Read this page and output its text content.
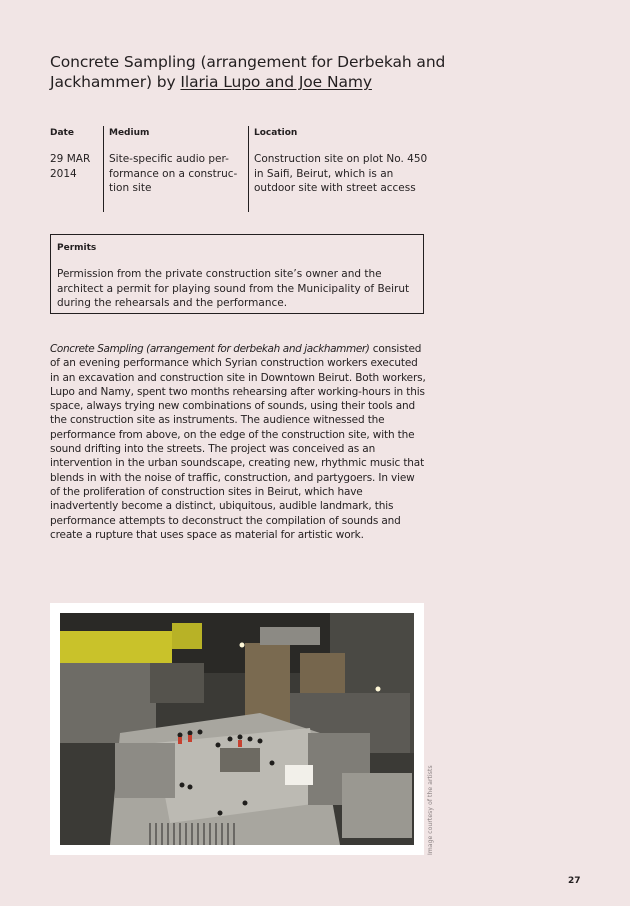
Concrete Sampling (arrangement for Derbekah and Jackhammer) by Ilaria Lupo and Joe Namy

Date

29 MAR 2014

Medium

Site-specific audio per-formance on a construc-tion site

Location

Construction site on plot No. 450 in Saifi, Beirut, which is an outdoor site with street access

Permits

Permission from the private construction site’s owner and the architect a permit for playing sound from the Municipality of Beirut during the rehearsals and the performance.

Concrete Sampling (arrangement for derbekah and jackhammer) consisted of an evening performance which Syrian construction workers executed in an excavation and construction site in Downtown Beirut. Both workers, Lupo and Namy, spent two months rehearsing after working-hours in this space, always trying new combinations of sounds, using their tools and the construction site as instruments. The audience witnessed the performance from above, on the edge of the construction site, with the sound drifting into the streets. The project was conceived as an intervention in the urban soundscape, creating new, rhythmic music that blends in with the noise of traffic, construction, and partygoers. In view of the proliferation of construction sites in Beirut, which have inadvertently become a distinct, ubiquitous, audible landmark, this performance attempts to deconstruct the compilation of sounds and create a rupture that uses space as material for artistic work.

Image courtesy of the artists
27
